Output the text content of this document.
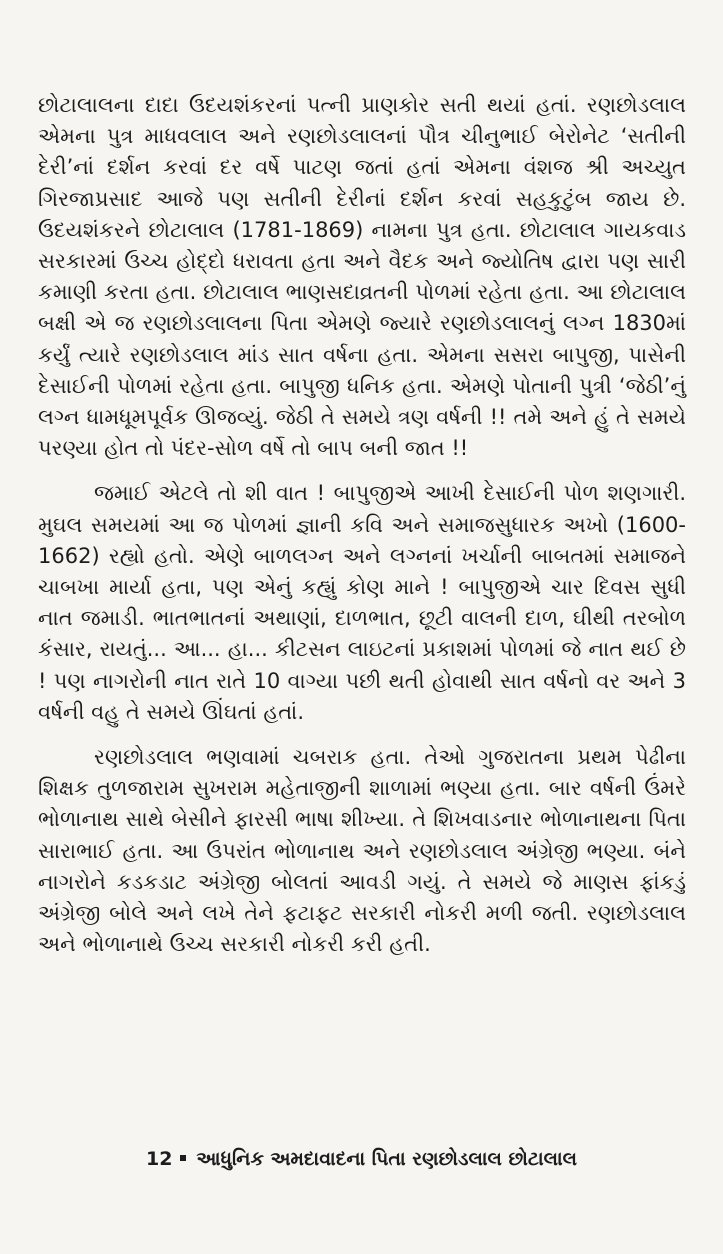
છોટાલાલના દાદા ઉદયશંકરનાં પત્ની પ્રાણકોર સતી થયાં હતાં. રણછોડલાલ એમના પુત્ર માધવલાલ અને રણછોડલાલનાં પૌત્ર ચીનુભાઈ બેરોનેટ ‘સતીની દેરી’નાં દર્શન કરવાં દર વર્ષે પાટણ જતાં હતાં એમના વંશજ શ્રી અચ્યુત ગિરજાપ્રસાદ આજે પણ સતીની દેરીનાં દર્શન કરવાં સહકુટુંબ જાય છે. ઉદયશંકરને છોટાલાલ (1781-1869) નામના પુત્ર હતા. છોટાલાલ ગાયકવાડ સરકારમાં ઉચ્ચ હોદ્દો ધરાવતા હતા અને વૈદક અને જ્યોતિષ દ્વારા પણ સારી કમાણી કરતા હતા. છોટાલાલ ભાણસદાવ્રતની પોળમાં રહેતા હતા. આ છોટાલાલ બક્ષી એ જ રણછોડલાલના પિતા એમણે જ્યારે રણછોડલાલનું લગ્ન 1830માં કર્યું ત્યારે રણછોડલાલ માંડ સાત વર્ષના હતા. એમના સસરા બાપુજી, પાસેની દેસાઈની પોળમાં રહેતા હતા. બાપુજી ધનિક હતા. એમણે પોતાની પુત્રી ‘જેઠી’નું લગ્ન ધામધૂમપૂર્વક ઊજવ્યું. જેઠી તે સમયે ત્રણ વર્ષની !! તમે અને હું તે સમયે પરણ્યા હોત તો પંદર-સોળ વર્ષે તો બાપ બની જાત !!

જમાઈ એટલે તો શી વાત ! બાપુજીએ આખી દેસાઈની પોળ શણગારી. મુઘલ સમયમાં આ જ પોળમાં જ્ઞાની કવિ અને સમાજસુધારક અખો (1600-1662) રહ્યો હતો. એણે બાળલગ્ન અને લગ્નનાં ખર્ચાની બાબતમાં સમાજને ચાબખા માર્યા હતા, પણ એનું કહ્યું કોણ માને ! બાપુજીએ ચાર દિવસ સુધી નાત જમાડી. ભાતભાતનાં અથાણાં, દાળભાત, છૂટી વાલની દાળ, ઘીથી તરબોળ કંસાર, રાયતું... આ... હા... કીટસન લાઇટનાં પ્રકાશમાં પોળમાં જે નાત થઈ છે ! પણ નાગરોની નાત રાતે 10 વાગ્યા પછી થતી હોવાથી સાત વર્ષનો વર અને 3 વર્ષની વહુ તે સમયે ઊંઘતાં હતાં.

રણછોડલાલ ભણવામાં ચબરાક હતા. તેઓ ગુજરાતના પ્રથમ પેઢીના શિક્ષક તુળજારામ સુખરામ મહેતાજીની શાળામાં ભણ્યા હતા. બાર વર્ષની ઉંમરે ભોળાનાથ સાથે બેસીને ફારસી ભાષા શીખ્યા. તે શિખવાડનાર ભોળાનાથના પિતા સારાભાઈ હતા. આ ઉપરાંત ભોળાનાથ અને રણછોડલાલ અંગ્રેજી ભણ્યા. બંને નાગરોને કડકડાટ અંગ્રેજી બોલતાં આવડી ગયું. તે સમયે જે માણસ ફાંકડું અંગ્રેજી બોલે અને લખે તેને ફટાફટ સરકારી નોકરી મળી જતી. રણછોડલાલ અને ભોળાનાથે ઉચ્ચ સરકારી નોકરી કરી હતી.

12 આધુનિક અમદાવાદના પિતા રણછોડલાલ છોટાલાલ
